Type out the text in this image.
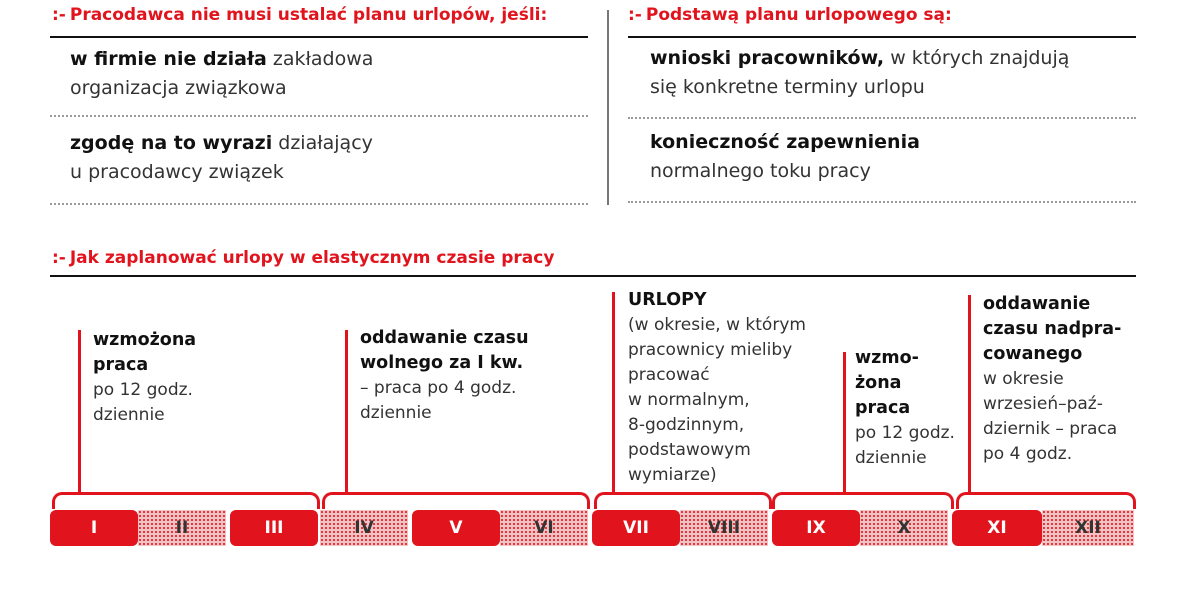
:- Pracodawca nie musi ustalać planu urlopów, jeśli:
w firmie nie działa zakładowa
organizacja związkowa
zgodę na to wyrazi działający
u pracodawcy związek
:- Podstawą planu urlopowego są:
wnioski pracowników, w których znajdują
się konkretne terminy urlopu
konieczność zapewnienia
normalnego toku pracy
:- Jak zaplanować urlopy w elastycznym czasie pracy
wzmożona
praca
po 12 godz.
dziennie
oddawanie czasu
wolnego za I kw.
– praca po 4 godz.
dziennie
URLOPY
(w okresie, w którym
pracownicy mieliby
pracować
w normalnym,
8-godzinnym,
podstawowym
wymiarze)
wzmo-
żona
praca
po 12 godz.
dziennie
oddawanie
czasu nadpra-
cowanego
w okresie
wrzesień–paź-
dziernik – praca
po 4 godz.
I	II	III	IV	V	VI	VII	VIII	IX	X	XI	XII
